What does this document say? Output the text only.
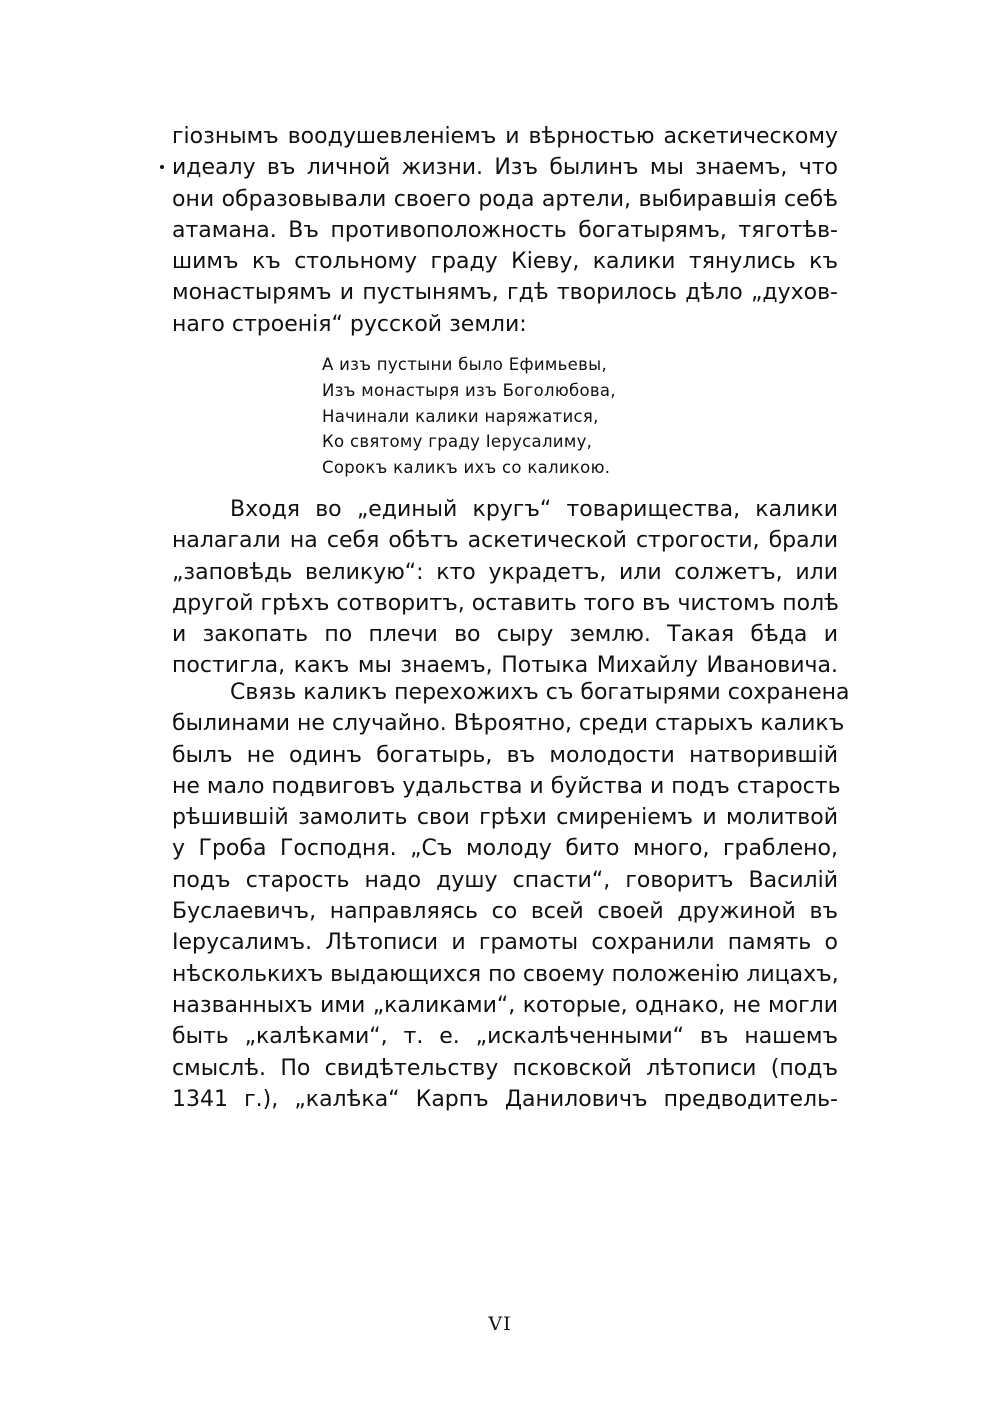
гіознымъ воодушевленіемъ и вѣрностью аскетическому
идеалу въ личной жизни. Изъ былинъ мы знаемъ, что
они образовывали своего рода артели, выбиравшія себѣ
атамана. Въ противоположность богатырямъ, тяготѣв-
шимъ къ стольному граду Кіеву, калики тянулись къ
монастырямъ и пустынямъ, гдѣ творилось дѣло „духов-
наго строенія“ русской земли:
А изъ пустыни было Ефимьевы,
Изъ монастыря изъ Боголюбова,
Начинали калики наряжатися,
Ко святому граду Іерусалиму,
Сорокъ каликъ ихъ со каликою.
Входя во „единый кругъ“ товарищества, калики
налагали на себя обѣтъ аскетической строгости, брали
„заповѣдь великую“: кто украдетъ, или солжетъ, или
другой грѣхъ сотворитъ, оставить того въ чистомъ полѣ
и закопать по плечи во сыру землю. Такая бѣда и
постигла, какъ мы знаемъ, Потыка Михайлу Ивановича.
Связь каликъ перехожихъ съ богатырями сохранена
былинами не случайно. Вѣроятно, среди старыхъ каликъ
былъ не одинъ богатырь, въ молодости натворившій
не мало подвиговъ удальства и буйства и подъ старость
рѣшившій замолить свои грѣхи смиреніемъ и молитвой
у Гроба Господня. „Съ молоду бито много, граблено,
подъ старость надо душу спасти“, говоритъ Василій
Буслаевичъ, направляясь со всей своей дружиной въ
Іерусалимъ. Лѣтописи и грамоты сохранили память о
нѣсколькихъ выдающихся по своему положенію лицахъ,
названныхъ ими „каликами“, которые, однако, не могли
быть „калѣками“, т. е. „искалѣченными“ въ нашемъ
смыслѣ. По свидѣтельству псковской лѣтописи (подъ
1341 г.), „калѣка“ Карпъ Даниловичъ предводитель-
VI
